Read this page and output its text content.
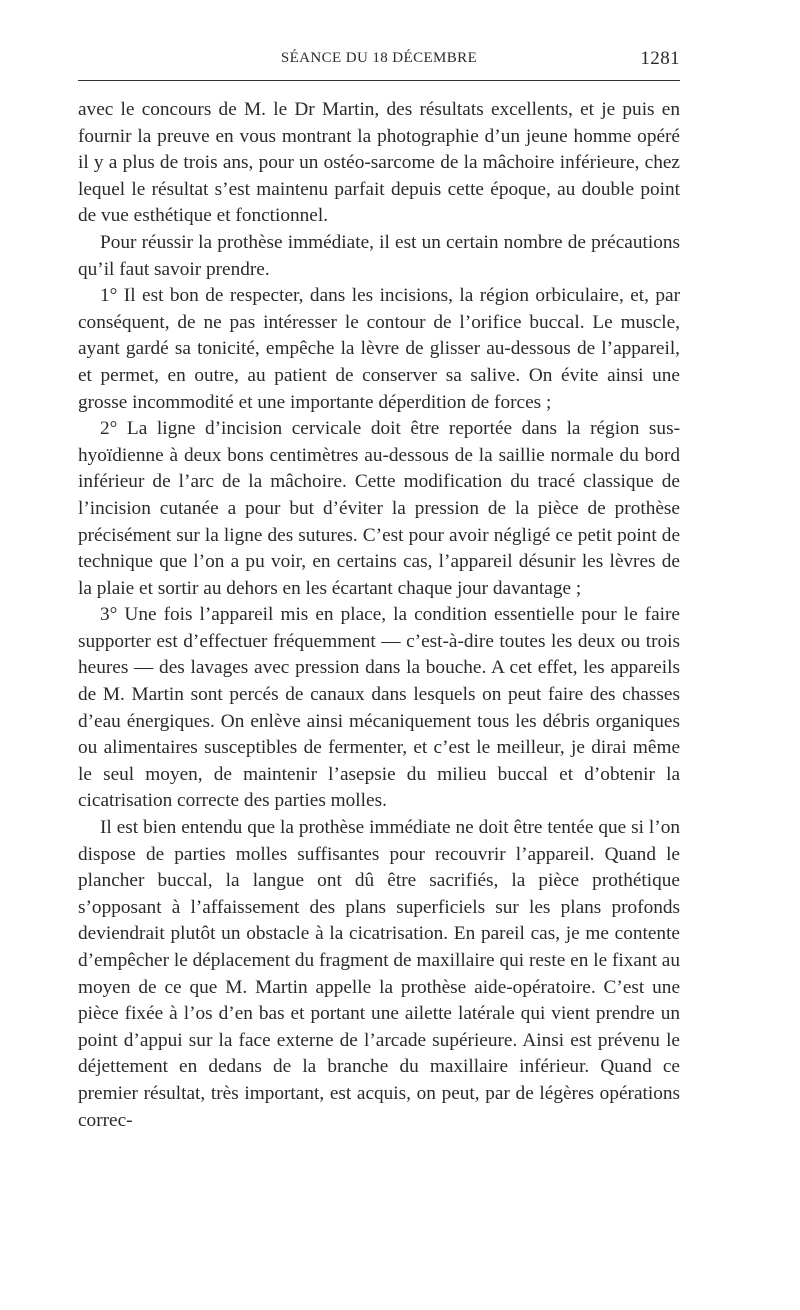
SÉANCE DU 18 DÉCEMBRE	1281

avec le concours de M. le Dr Martin, des résultats excellents, et je puis en fournir la preuve en vous montrant la photographie d’un jeune homme opéré il y a plus de trois ans, pour un ostéo-sarcome de la mâchoire inférieure, chez lequel le résultat s’est maintenu parfait depuis cette époque, au double point de vue esthétique et fonctionnel.

Pour réussir la prothèse immédiate, il est un certain nombre de précautions qu’il faut savoir prendre.

1° Il est bon de respecter, dans les incisions, la région orbiculaire, et, par conséquent, de ne pas intéresser le contour de l’orifice buccal. Le muscle, ayant gardé sa tonicité, empêche la lèvre de glisser au-dessous de l’appareil, et permet, en outre, au patient de conserver sa salive. On évite ainsi une grosse incommodité et une importante déperdition de forces ;

2° La ligne d’incision cervicale doit être reportée dans la région sus-hyoïdienne à deux bons centimètres au-dessous de la saillie normale du bord inférieur de l’arc de la mâchoire. Cette modification du tracé classique de l’incision cutanée a pour but d’éviter la pression de la pièce de prothèse précisément sur la ligne des sutures. C’est pour avoir négligé ce petit point de technique que l’on a pu voir, en certains cas, l’appareil désunir les lèvres de la plaie et sortir au dehors en les écartant chaque jour davantage ;

3° Une fois l’appareil mis en place, la condition essentielle pour le faire supporter est d’effectuer fréquemment — c’est-à-dire toutes les deux ou trois heures — des lavages avec pression dans la bouche. A cet effet, les appareils de M. Martin sont percés de canaux dans lesquels on peut faire des chasses d’eau énergiques. On enlève ainsi mécaniquement tous les débris organiques ou alimentaires susceptibles de fermenter, et c’est le meilleur, je dirai même le seul moyen, de maintenir l’asepsie du milieu buccal et d’obtenir la cicatrisation correcte des parties molles.

Il est bien entendu que la prothèse immédiate ne doit être tentée que si l’on dispose de parties molles suffisantes pour recouvrir l’appareil. Quand le plancher buccal, la langue ont dû être sacrifiés, la pièce prothétique s’opposant à l’affaissement des plans superficiels sur les plans profonds deviendrait plutôt un obstacle à la cicatrisation. En pareil cas, je me contente d’empêcher le déplacement du fragment de maxillaire qui reste en le fixant au moyen de ce que M. Martin appelle la prothèse aide-opératoire. C’est une pièce fixée à l’os d’en bas et portant une ailette latérale qui vient prendre un point d’appui sur la face externe de l’arcade supérieure. Ainsi est prévenu le déjettement en dedans de la branche du maxillaire inférieur. Quand ce premier résultat, très important, est acquis, on peut, par de légères opérations correc-
